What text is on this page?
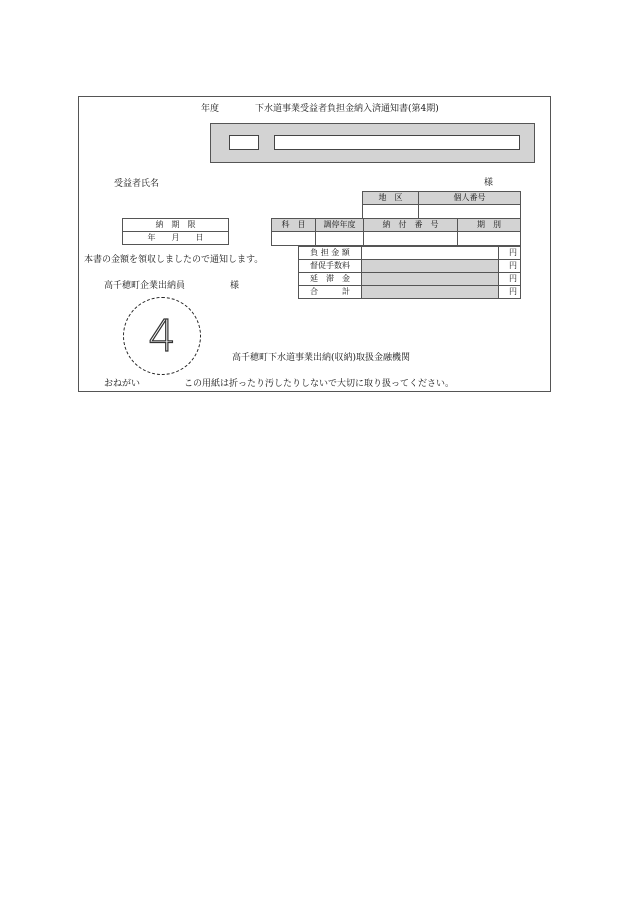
年度	下水道事業受益者負担金納入済通知書(第4期)
受益者氏名	様
地　区	個人番号

納　期　限
年　　月　　日
科　目	調停年度	納　付　番　号	期　別

本書の金額を領収しましたので通知します。
高千穂町企業出納員	様
負 担 金 額		円
督促手数料		円
延　滞　金		円
合　　　計		円
4	高千穂町下水道事業出納(収納)取扱金融機関
おねがい	この用紙は折ったり汚したりしないで大切に取り扱ってください。
